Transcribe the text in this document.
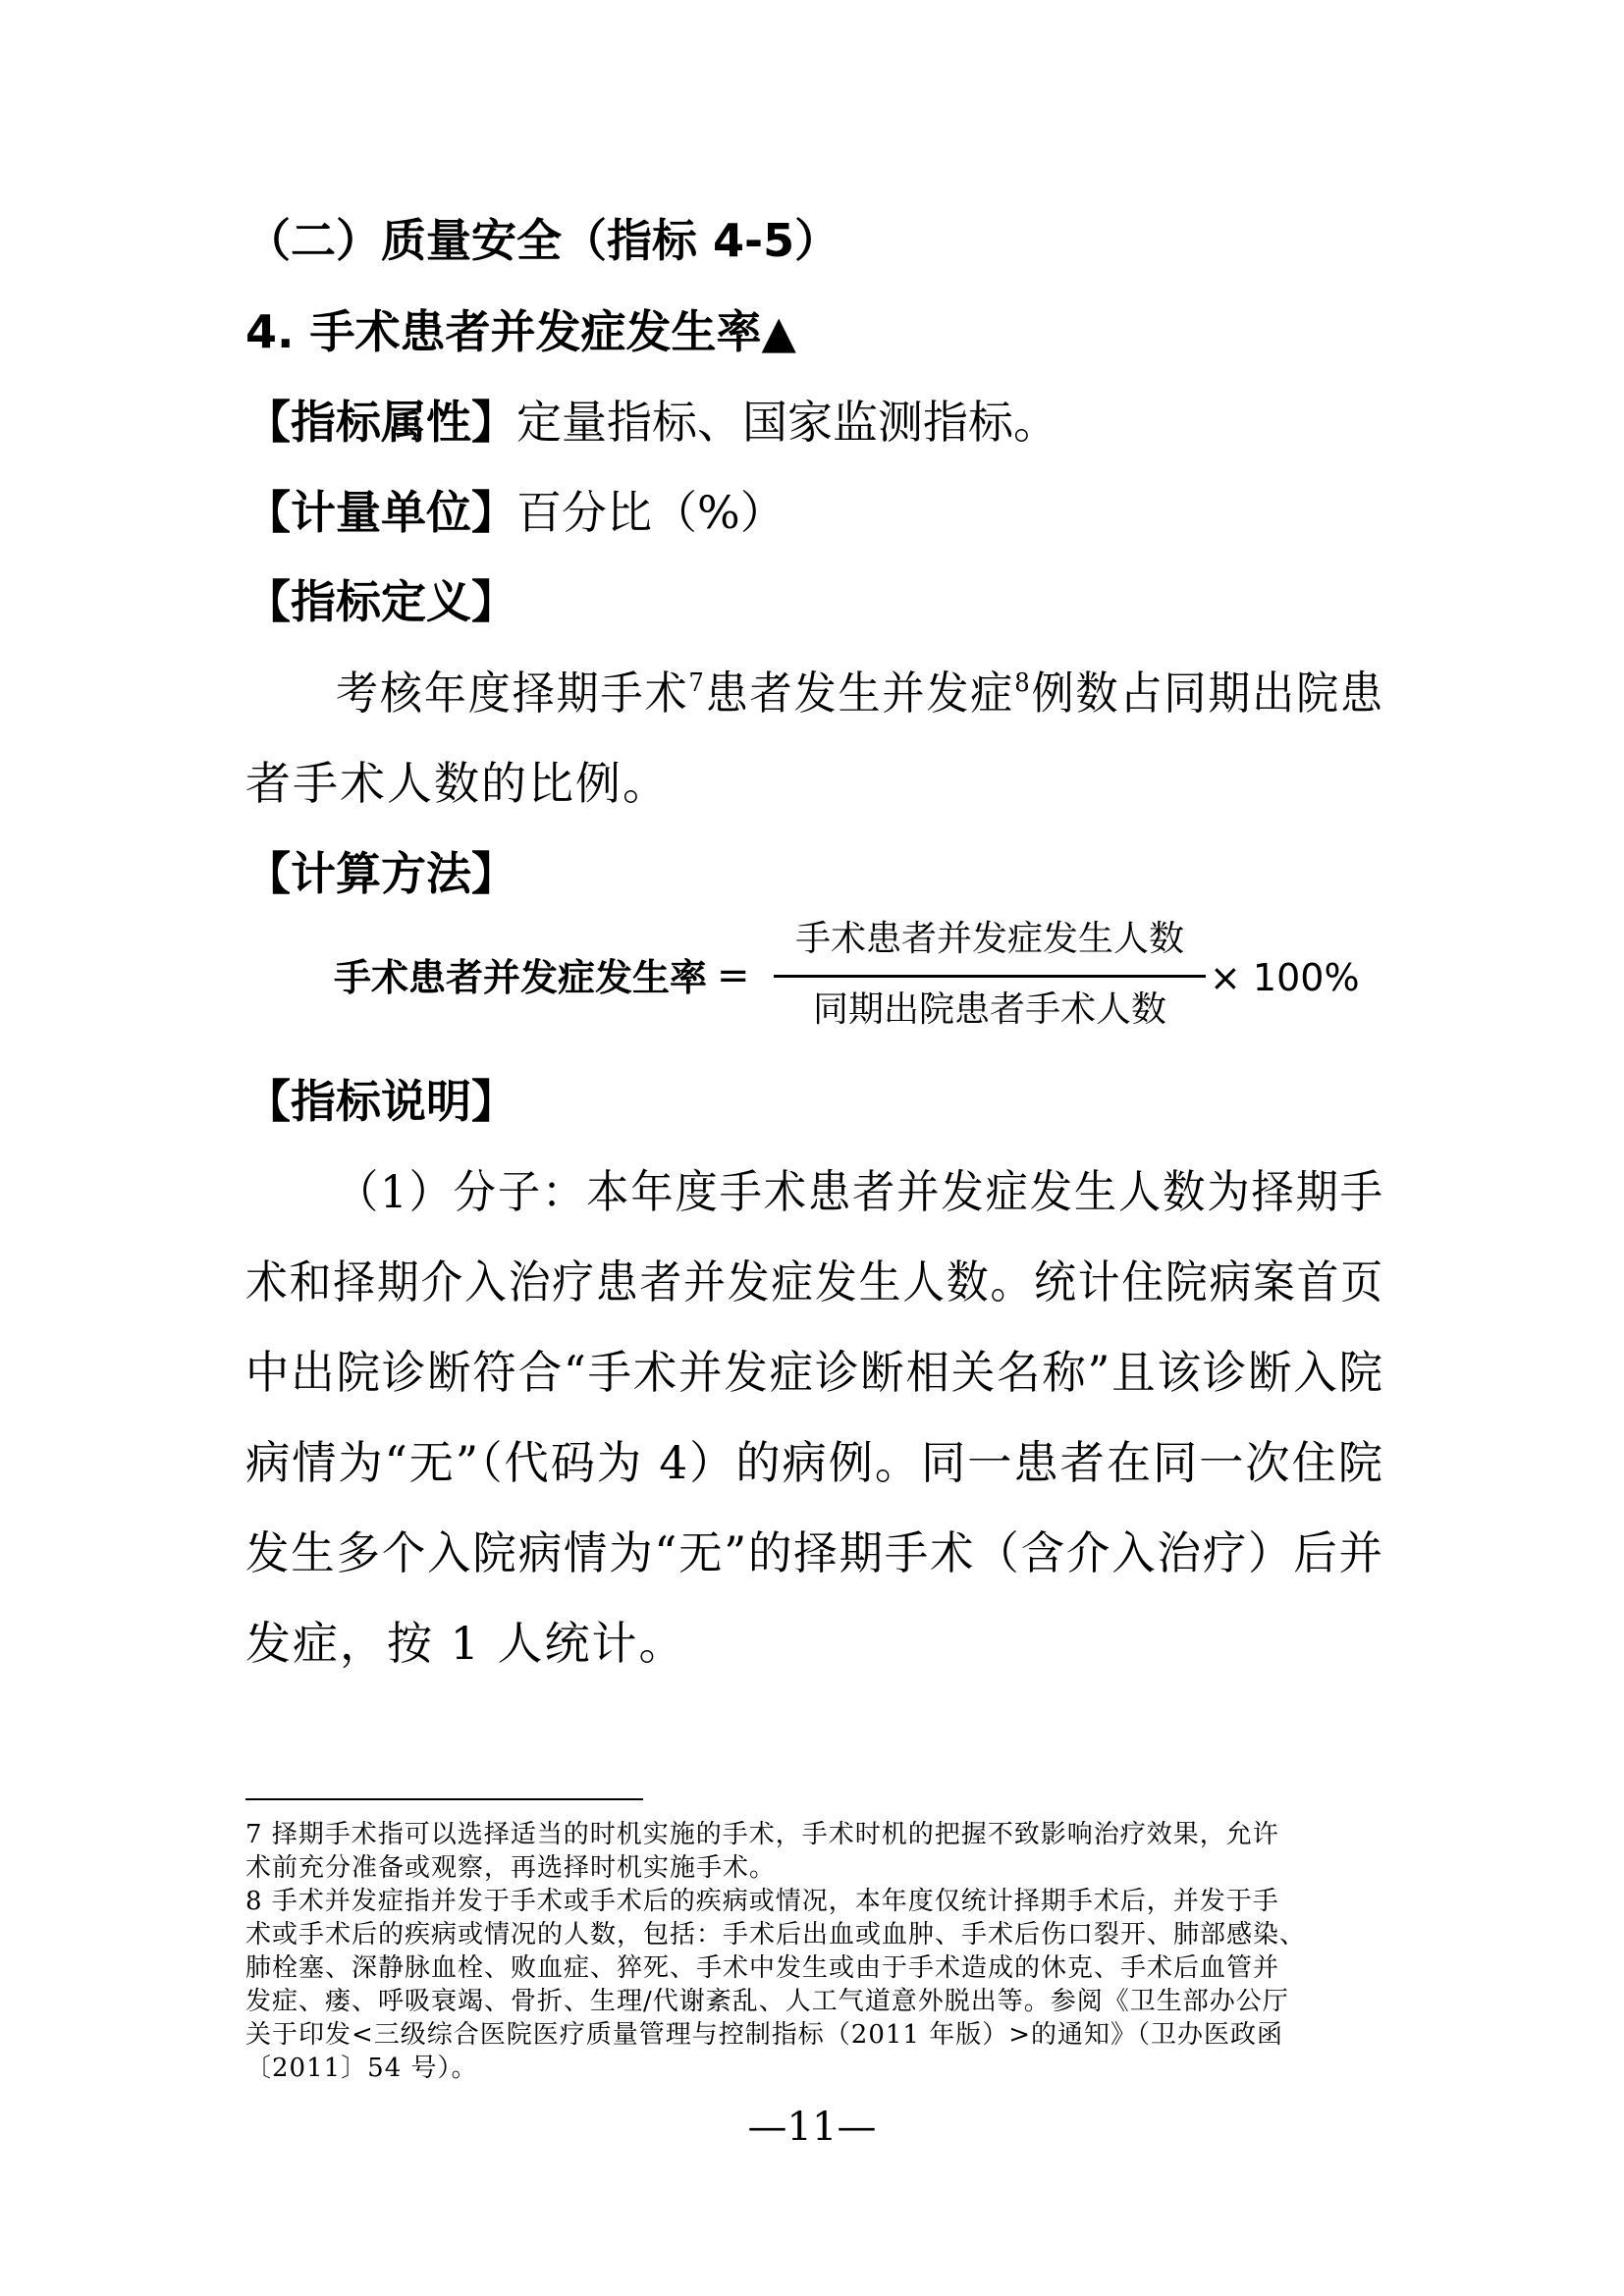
（二）质量安全（指标 4-5）
4. 手术患者并发症发生率▲
【指标属性】定量指标、国家监测指标。
【计量单位】百分比（%）
【指标定义】
考核年度择期手术$^7$患者发生并发症$^8$例数占同期出院患
者手术人数的比例。
【计算方法】
手术患者并发症发生率 =
手术患者并发症发生人数
同期出院患者手术人数
× 100%
【指标说明】
（1）分子：本年度手术患者并发症发生人数为择期手
术和择期介入治疗患者并发症发生人数。统计住院病案首页
中出院诊断符合“手术并发症诊断相关名称”且该诊断入院
病情为“无”（代码为 4）的病例。同一患者在同一次住院
发生多个入院病情为“无”的择期手术（含介入治疗）后并
发症，按 1 人统计。
7 择期手术指可以选择适当的时机实施的手术，手术时机的把握不致影响治疗效果，允许
术前充分准备或观察，再选择时机实施手术。
8 手术并发症指并发于手术或手术后的疾病或情况，本年度仅统计择期手术后，并发于手
术或手术后的疾病或情况的人数，包括：手术后出血或血肿、手术后伤口裂开、肺部感染、
肺栓塞、深静脉血栓、败血症、猝死、手术中发生或由于手术造成的休克、手术后血管并
发症、瘘、呼吸衰竭、骨折、生理/代谢紊乱、人工气道意外脱出等。参阅《卫生部办公厅
关于印发<三级综合医院医疗质量管理与控制指标（2011 年版）>的通知》（卫办医政函
〔2011〕54 号）。
—11—
